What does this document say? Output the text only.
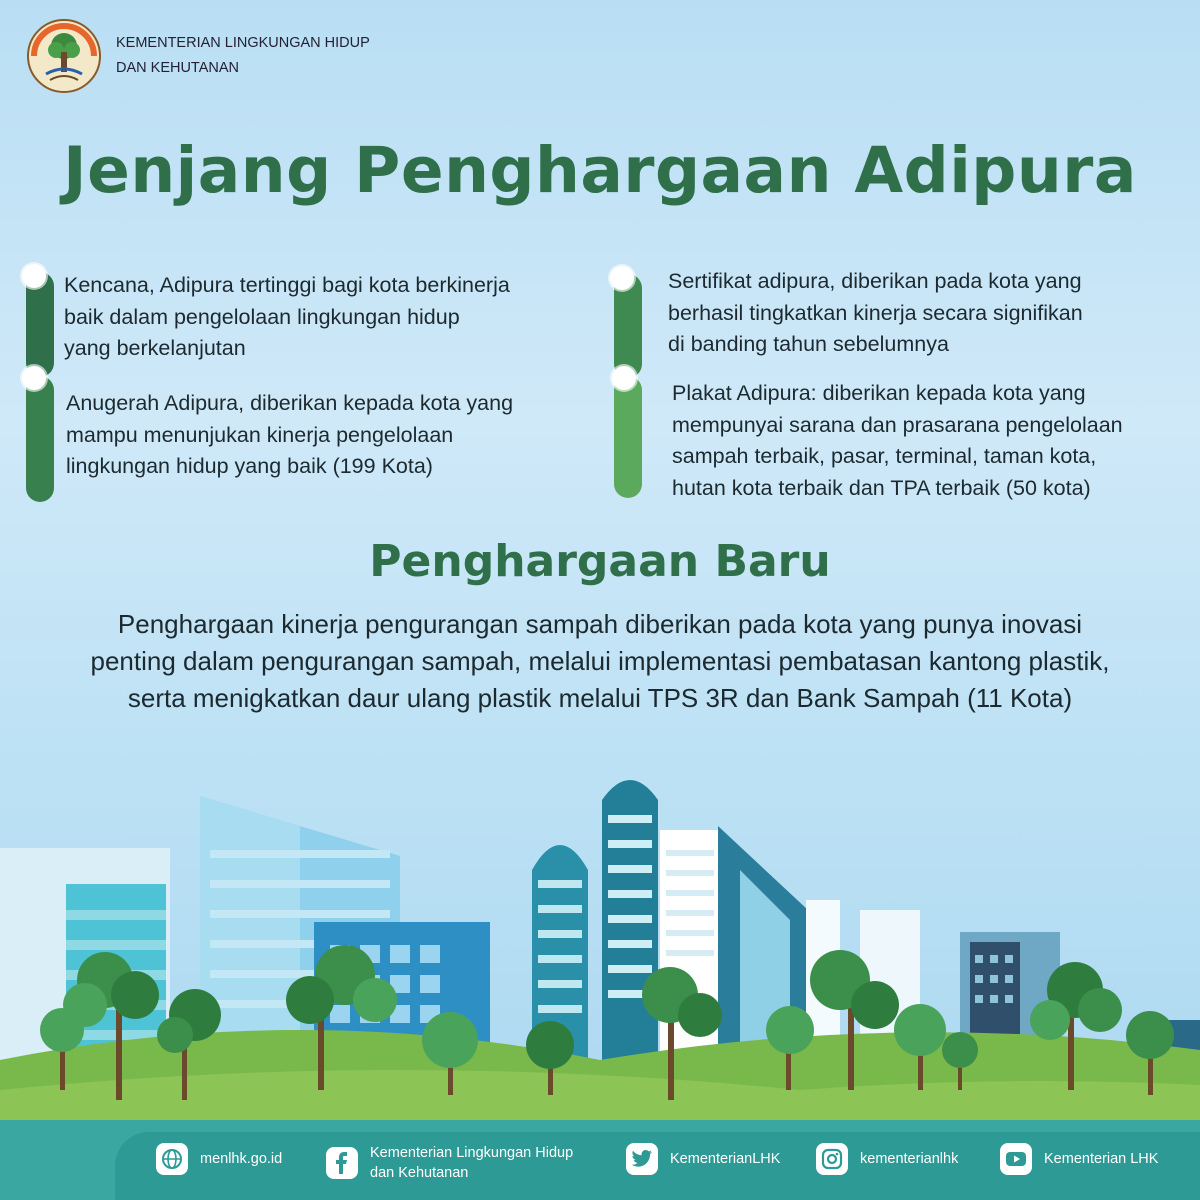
KEMENTERIAN LINGKUNGAN HIDUP
DAN KEHUTANAN
Jenjang Penghargaan Adipura
Kencana, Adipura tertinggi bagi kota berkinerja
baik dalam pengelolaan lingkungan hidup
yang berkelanjutan
Anugerah Adipura, diberikan kepada kota yang
mampu menunjukan kinerja pengelolaan
lingkungan hidup yang baik (199 Kota)
Sertifikat adipura, diberikan pada kota yang
berhasil tingkatkan kinerja secara signifikan
di banding tahun sebelumnya
Plakat Adipura: diberikan kepada kota yang
mempunyai sarana dan prasarana pengelolaan
sampah terbaik, pasar, terminal, taman kota,
hutan kota terbaik dan TPA terbaik (50 kota)
Penghargaan Baru
Penghargaan kinerja pengurangan sampah diberikan pada kota yang punya inovasi
penting dalam pengurangan sampah, melalui implementasi pembatasan kantong plastik,
serta menigkatkan daur ulang plastik melalui TPS 3R dan Bank Sampah (11 Kota)
menlhk.go.id	Kementerian Lingkungan Hidup
dan Kehutanan
KementerianLHK	kementerianlhk	Kementerian LHK
